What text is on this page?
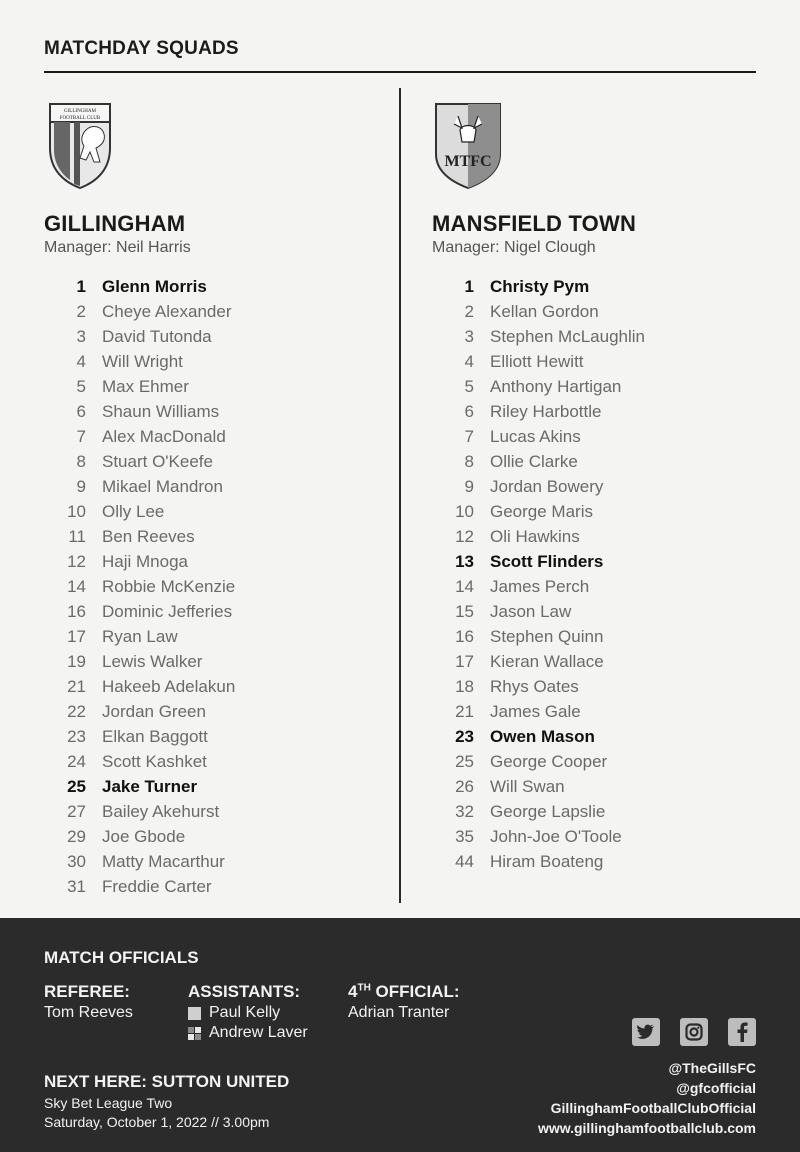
MATCHDAY SQUADS
GILLINGHAM
FOOTBALL CLUB
GILLINGHAM
Manager: Neil Harris
1 Glenn Morris
2 Cheye Alexander
3 David Tutonda
4 Will Wright
5 Max Ehmer
6 Shaun Williams
7 Alex MacDonald
8 Stuart O'Keefe
9 Mikael Mandron
10 Olly Lee
11 Ben Reeves
12 Haji Mnoga
14 Robbie McKenzie
16 Dominic Jefferies
17 Ryan Law
19 Lewis Walker
21 Hakeeb Adelakun
22 Jordan Green
23 Elkan Baggott
24 Scott Kashket
25 Jake Turner
27 Bailey Akehurst
29 Joe Gbode
30 Matty Macarthur
31 Freddie Carter
MTFC
MANSFIELD TOWN
Manager: Nigel Clough
1 Christy Pym
2 Kellan Gordon
3 Stephen McLaughlin
4 Elliott Hewitt
5 Anthony Hartigan
6 Riley Harbottle
7 Lucas Akins
8 Ollie Clarke
9 Jordan Bowery
10 George Maris
12 Oli Hawkins
13 Scott Flinders
14 James Perch
15 Jason Law
16 Stephen Quinn
17 Kieran Wallace
18 Rhys Oates
21 James Gale
23 Owen Mason
25 George Cooper
26 Will Swan
32 George Lapslie
35 John-Joe O'Toole
44 Hiram Boateng
MATCH OFFICIALS
REFEREE:
Tom Reeves
ASSISTANTS:
Paul Kelly
Andrew Laver
4TH OFFICIAL:
Adrian Tranter
NEXT HERE: SUTTON UNITED
Sky Bet League Two
Saturday, October 1, 2022 // 3.00pm
@TheGillsFC
@gfcofficial
GillinghamFootballClubOfficial
www.gillinghamfootballclub.com
